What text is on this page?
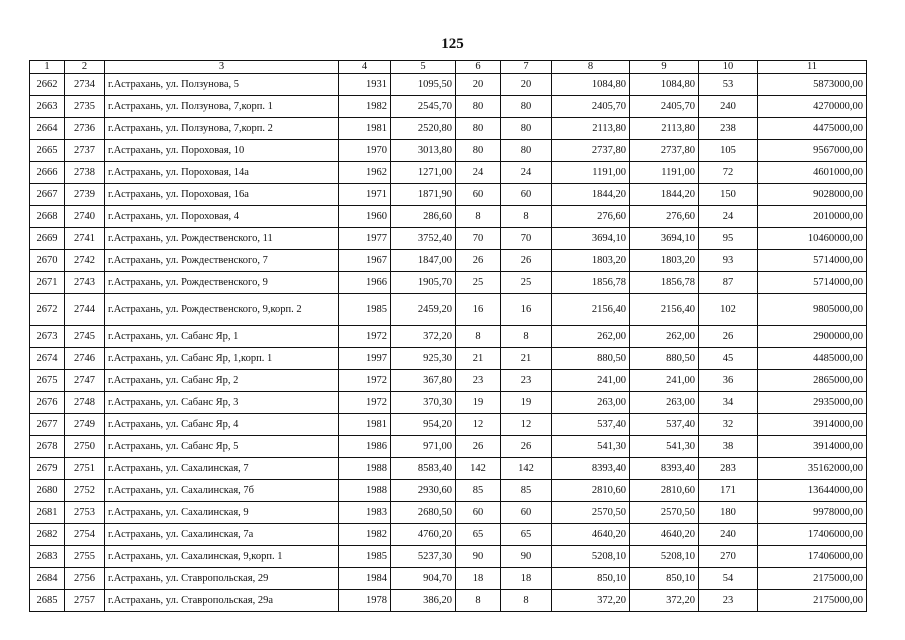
125
1	2	3	4	5	6	7	8	9	10	11
2662	2734	г.Астрахань, ул. Ползунова, 5	1931	1095,50	20	20	1084,80	1084,80	53	5873000,00
2663	2735	г.Астрахань, ул. Ползунова, 7,корп. 1	1982	2545,70	80	80	2405,70	2405,70	240	4270000,00
2664	2736	г.Астрахань, ул. Ползунова, 7,корп. 2	1981	2520,80	80	80	2113,80	2113,80	238	4475000,00
2665	2737	г.Астрахань, ул. Пороховая, 10	1970	3013,80	80	80	2737,80	2737,80	105	9567000,00
2666	2738	г.Астрахань, ул. Пороховая, 14а	1962	1271,00	24	24	1191,00	1191,00	72	4601000,00
2667	2739	г.Астрахань, ул. Пороховая, 16а	1971	1871,90	60	60	1844,20	1844,20	150	9028000,00
2668	2740	г.Астрахань, ул. Пороховая, 4	1960	286,60	8	8	276,60	276,60	24	2010000,00
2669	2741	г.Астрахань, ул. Рождественского, 11	1977	3752,40	70	70	3694,10	3694,10	95	10460000,00
2670	2742	г.Астрахань, ул. Рождественского, 7	1967	1847,00	26	26	1803,20	1803,20	93	5714000,00
2671	2743	г.Астрахань, ул. Рождественского, 9	1966	1905,70	25	25	1856,78	1856,78	87	5714000,00
2672	2744	г.Астрахань, ул. Рождественского, 9,корп. 2	1985	2459,20	16	16	2156,40	2156,40	102	9805000,00
2673	2745	г.Астрахань, ул. Сабанс Яр, 1	1972	372,20	8	8	262,00	262,00	26	2900000,00
2674	2746	г.Астрахань, ул. Сабанс Яр, 1,корп. 1	1997	925,30	21	21	880,50	880,50	45	4485000,00
2675	2747	г.Астрахань, ул. Сабанс Яр, 2	1972	367,80	23	23	241,00	241,00	36	2865000,00
2676	2748	г.Астрахань, ул. Сабанс Яр, 3	1972	370,30	19	19	263,00	263,00	34	2935000,00
2677	2749	г.Астрахань, ул. Сабанс Яр, 4	1981	954,20	12	12	537,40	537,40	32	3914000,00
2678	2750	г.Астрахань, ул. Сабанс Яр, 5	1986	971,00	26	26	541,30	541,30	38	3914000,00
2679	2751	г.Астрахань, ул. Сахалинская, 7	1988	8583,40	142	142	8393,40	8393,40	283	35162000,00
2680	2752	г.Астрахань, ул. Сахалинская, 7б	1988	2930,60	85	85	2810,60	2810,60	171	13644000,00
2681	2753	г.Астрахань, ул. Сахалинская, 9	1983	2680,50	60	60	2570,50	2570,50	180	9978000,00
2682	2754	г.Астрахань, ул. Сахалинская, 7а	1982	4760,20	65	65	4640,20	4640,20	240	17406000,00
2683	2755	г.Астрахань, ул. Сахалинская, 9,корп. 1	1985	5237,30	90	90	5208,10	5208,10	270	17406000,00
2684	2756	г.Астрахань, ул. Ставропольская, 29	1984	904,70	18	18	850,10	850,10	54	2175000,00
2685	2757	г.Астрахань, ул. Ставропольская, 29а	1978	386,20	8	8	372,20	372,20	23	2175000,00
